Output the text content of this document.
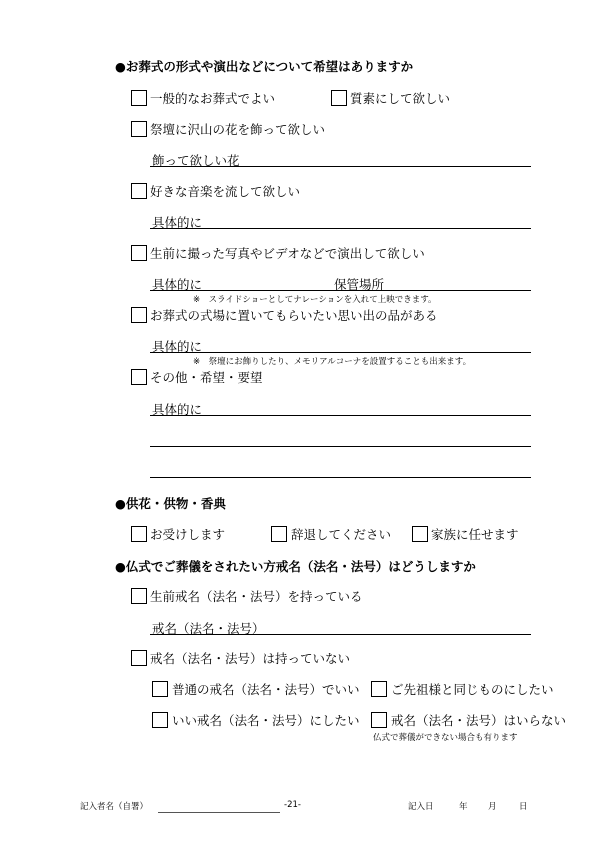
●お葬式の形式や演出などについて希望はありますか
一般的なお葬式でよい	質素にして欲しい
祭壇に沢山の花を飾って欲しい
飾って欲しい花
好きな音楽を流して欲しい
具体的に
生前に撮った写真やビデオなどで演出して欲しい
具体的に	保管場所
※　スライドショーとしてナレーションを入れて上映できます。
お葬式の式場に置いてもらいたい思い出の品がある
具体的に
※　祭壇にお飾りしたり、メモリアルコーナを設置することも出来ます。
その他・希望・要望
具体的に
●供花・供物・香典
お受けします	辞退してください	家族に任せます
●仏式でご葬儀をされたい方戒名（法名・法号）はどうしますか
生前戒名（法名・法号）を持っている
戒名（法名・法号）
戒名（法名・法号）は持っていない
普通の戒名（法名・法号）でいい	ご先祖様と同じものにしたい
いい戒名（法名・法号）にしたい	戒名（法名・法号）はいらない
仏式で葬儀ができない場合も有ります
記入者名（自署）	-21-	記入日	年 月	日
